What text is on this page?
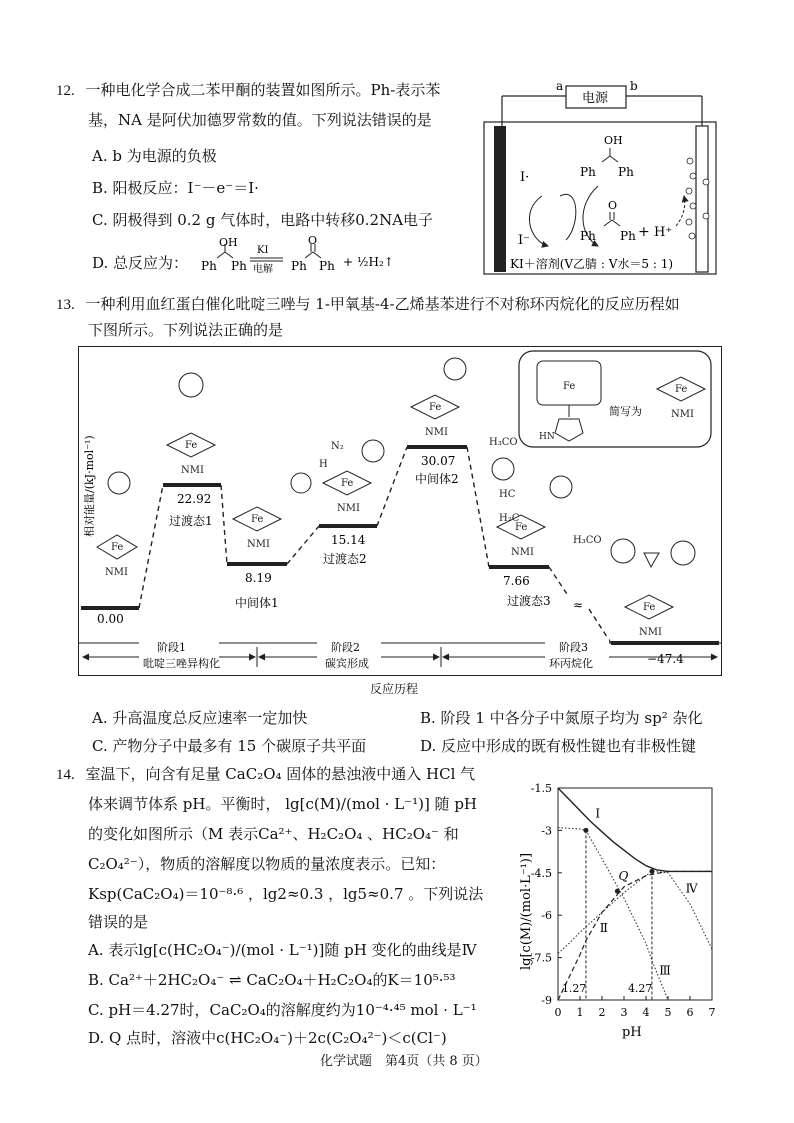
12. 一种电化学合成二苯甲酮的装置如图所示。Ph-表示苯
基，NA 是阿伏加德罗常数的值。下列说法错误的是
A. b 为电源的负极
B. 阳极反应：I⁻－e⁻＝I·
C. 阴极得到 0.2 g 气体时，电路中转移0.2NA电子
D. 总反应为：
OH
Ph Ph
KI
电解
O
Ph Ph + ½H₂↑
电源
a	b
I·
I⁻
OH
Ph Ph
O
Ph Ph + H⁺
KI＋溶剂(V乙腈 : V水＝5 : 1)
13. 一种利用血红蛋白催化吡啶三唑与 1-甲氧基-4-乙烯基苯进行不对称环丙烷化的反应历程如
下图所示。下列说法正确的是
相对能量/(kJ·mol⁻¹)
≈
0.00
22.92
过渡态1
8.19
中间体1
15.14
过渡态2
30.07
中间体2
7.66
过渡态3
−47.4
阶段1
吡啶三唑异构化
阶段2
碳宾形成
阶段3
环丙烷化
Fe
NMI
Fe
NMI
Fe
NMI
Fe
NMI
N₂
H
Fe
NMI
Fe
NMI
H₃CO
HC
H₂C
Fe
NMI
H₃CO
Fe
HN
简写为
Fe
NMI
反应历程
A. 升高温度总反应速率一定加快	B. 阶段 1 中各分子中氮原子均为 sp² 杂化
C. 产物分子中最多有 15 个碳原子共平面	D. 反应中形成的既有极性键也有非极性键
14. 室温下，向含有足量 CaC₂O₄ 固体的悬浊液中通入 HCl 气
体来调节体系 pH。平衡时， lg[c(M)/(mol · L⁻¹)] 随 pH
的变化如图所示（M 表示Ca²⁺、H₂C₂O₄ 、HC₂O₄⁻ 和
C₂O₄²⁻），物质的溶解度以物质的量浓度表示。已知：
Ksp(CaC₂O₄)＝10⁻⁸·⁶ ，lg2≈0.3 ，lg5≈0.7 。下列说法
错误的是
A. 表示lg[c(HC₂O₄⁻)/(mol · L⁻¹)]随 pH 变化的曲线是Ⅳ
B. Ca²⁺＋2HC₂O₄⁻ ⇌ CaC₂O₄＋H₂C₂O₄的K＝10⁵·⁵³
C. pH＝4.27时，CaC₂O₄的溶解度约为10⁻⁴·⁴⁵ mol · L⁻¹
D. Q 点时，溶液中c(HC₂O₄⁻)＋2c(C₂O₄²⁻)＜c(Cl⁻)
lg[c(M)/(mol·L⁻¹)]
pH
-1.5
-3
-4.5
-6
-7.5
-9
0 1 2 3 4 5 6 7
Ⅰ
Ⅱ
Ⅲ
Ⅳ
1.27	4.27
Q
化学试题　第4页（共 8 页）
